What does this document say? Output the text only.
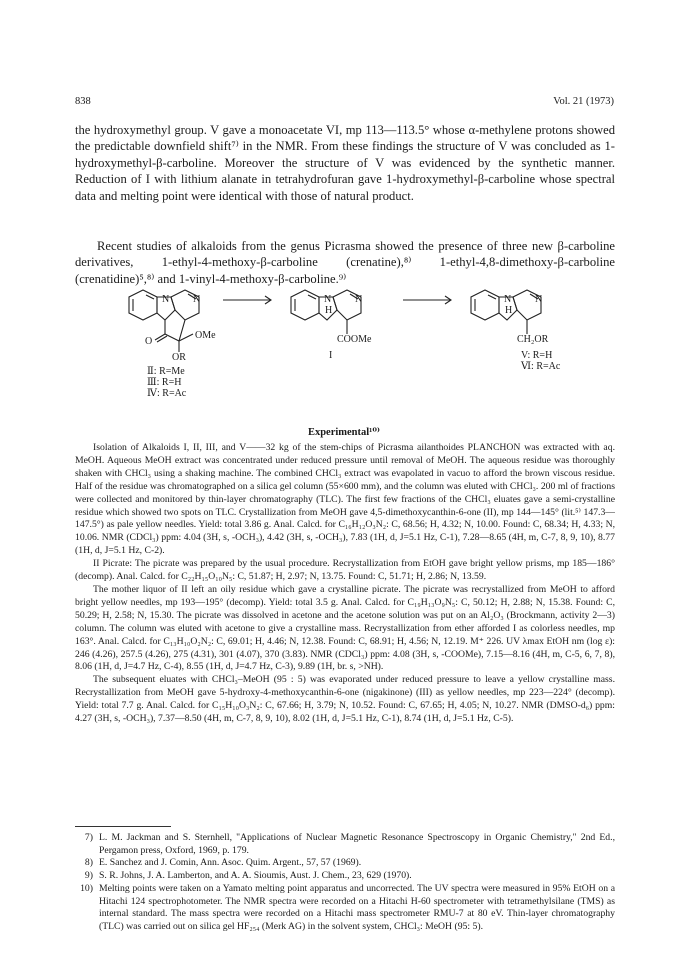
838	Vol. 21 (1973)

the hydroxymethyl group. V gave a monoacetate VI, mp 113—113.5° whose α-methylene protons showed the predictable downfield shift⁷⁾ in the NMR. From these findings the structure of V was concluded as 1-hydroxymethyl-β-carboline. Moreover the structure of V was evidenced by the synthetic manner. Reduction of I with lithium alanate in tetrahydrofuran gave 1-hydroxymethyl-β-carboline whose spectral data and melting point were identical with those of natural product.

Recent studies of alkaloids from the genus Picrasma showed the presence of three new β-carboline derivatives, 1-ethyl-4-methoxy-β-carboline (crenatine),⁸⁾ 1-ethyl-4,8-dimethoxy-β-carboline (crenatidine)⁵,⁸⁾ and 1-vinyl-4-methoxy-β-carboline.⁹⁾

N N
O
OMe
OR
Ⅱ: R=Me
Ⅲ: R=H
Ⅳ: R=Ac
N N
H
COOMe
I
N N
H
CH₂OR
V: R=H
Ⅵ: R=Ac
Experimental¹⁰⁾

Isolation of Alkaloids I, II, III, and V——32 kg of the stem-chips of Picrasma ailanthoides PLANCHON was extracted with aq. MeOH. Aqueous MeOH extract was concentrated under reduced pressure until removal of MeOH. The aqueous residue was thoroughly shaken with CHCl₃ using a shaking machine. The combined CHCl₃ extract was evapolated in vacuo to afford the brown viscous residue. Half of the residue was chromatographed on a silica gel column (55×600 mm), and the column was eluted with CHCl₃. 200 ml of fractions were collected and monitored by thin-layer chromatography (TLC). The first few fractions of the CHCl₃ eluates gave a semi-crystalline residue which showed two spots on TLC. Crystallization from MeOH gave 4,5-dimethoxycanthin-6-one (II), mp 144—145° (lit.⁵⁾ 147.3—147.5°) as pale yellow needles. Yield: total 3.86 g. Anal. Calcd. for C₁₆H₁₂O₃N₂: C, 68.56; H, 4.32; N, 10.00. Found: C, 68.34; H, 4.33; N, 10.06. NMR (CDCl₃) ppm: 4.04 (3H, s, -OCH₃), 4.42 (3H, s, -OCH₃), 7.83 (1H, d, J=5.1 Hz, C-1), 7.28—8.65 (4H, m, C-7, 8, 9, 10), 8.77 (1H, d, J=5.1 Hz, C-2).

II Picrate: The picrate was prepared by the usual procedure. Recrystallization from EtOH gave bright yellow prisms, mp 185—186° (decomp). Anal. Calcd. for C₂₂H₁₅O₁₀N₅: C, 51.87; H, 2.97; N, 13.75. Found: C, 51.71; H, 2.86; N, 13.59.

The mother liquor of II left an oily residue which gave a crystalline picrate. The picrate was recrystallized from MeOH to afford bright yellow needles, mp 193—195° (decomp). Yield: total 3.5 g. Anal. Calcd. for C₁₉H₁₃O₉N₅: C, 50.12; H, 2.88; N, 15.38. Found: C, 50.29; H, 2.58; N, 15.30. The picrate was dissolved in acetone and the acetone solution was put on an Al₂O₃ (Brockmann, activity 2—3) column. The column was eluted with acetone to give a crystalline mass. Recrystallization from ether afforded I as colorless needles, mp 163°. Anal. Calcd. for C₁₃H₁₀O₂N₂: C, 69.01; H, 4.46; N, 12.38. Found: C, 68.91; H, 4.56; N, 12.19. M⁺ 226. UV λmax EtOH nm (log ε): 246 (4.26), 257.5 (4.26), 275 (4.31), 301 (4.07), 370 (3.83). NMR (CDCl₃) ppm: 4.08 (3H, s, -COOMe), 7.15—8.16 (4H, m, C-5, 6, 7, 8), 8.06 (1H, d, J=4.7 Hz, C-4), 8.55 (1H, d, J=4.7 Hz, C-3), 9.89 (1H, br. s, >NH).

The subsequent eluates with CHCl₃–MeOH (95 : 5) was evaporated under reduced pressure to leave a yellow crystalline mass. Recrystallization from MeOH gave 5-hydroxy-4-methoxycanthin-6-one (nigakinone) (III) as yellow needles, mp 223—224° (decomp). Yield: total 7.7 g. Anal. Calcd. for C₁₅H₁₀O₃N₂: C, 67.66; H, 3.79; N, 10.52. Found: C, 67.65; H, 4.05; N, 10.27. NMR (DMSO-d₆) ppm: 4.27 (3H, s, -OCH₃), 7.37—8.50 (4H, m, C-7, 8, 9, 10), 8.02 (1H, d, J=5.1 Hz, C-1), 8.74 (1H, d, J=5.1 Hz, C-5).

7) L. M. Jackman and S. Sternhell, "Applications of Nuclear Magnetic Resonance Spectroscopy in Organic Chemistry," 2nd Ed., Pergamon press, Oxford, 1969, p. 179.
8) E. Sanchez and J. Comin, Ann. Asoc. Quim. Argent., 57, 57 (1969).
9) S. R. Johns, J. A. Lamberton, and A. A. Sioumis, Aust. J. Chem., 23, 629 (1970).
10) Melting points were taken on a Yamato melting point apparatus and uncorrected. The UV spectra were measured in 95% EtOH on a Hitachi 124 spectrophotometer. The NMR spectra were recorded on a Hitachi H-60 spectrometer with tetramethylsilane (TMS) as internal standard. The mass spectra were recorded on a Hitachi mass spectrometer RMU-7 at 80 eV. Thin-layer chromatography (TLC) was carried out on silica gel HF₂₅₄ (Merk AG) in the solvent system, CHCl₃: MeOH (95: 5).
